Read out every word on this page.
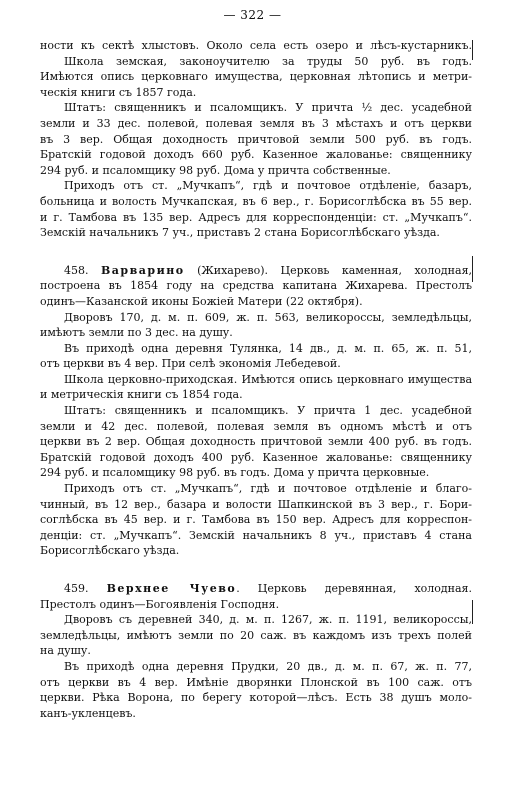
— 322 —
ности къ сектѣ хлыстовъ. Около села есть озеро и лѣсъ-кустарникъ.
Школа земская, законоучителю за труды 50 руб. въ годъ.
Имѣются опись церковнаго имущества, церковная лѣтопись и метри-
ческія книги съ 1857 года.
Штатъ: священникъ и псаломщикъ. У причта ½ дес. усадебной
земли и 33 дес. полевой, полевая земля въ 3 мѣстахъ и отъ церкви
въ 3 вер. Общая доходность причтовой земли 500 руб. въ годъ.
Братскій годовой доходъ 660 руб. Казенное жалованье: священнику
294 руб. и псаломщику 98 руб. Дома у причта собственные.
Приходъ отъ ст. „Мучкапъ“, гдѣ и почтовое отдѣленіе, базаръ,
больница и волость Мучкапская, въ 6 вер., г. Борисоглѣбска въ 55 вер.
и г. Тамбова въ 135 вер. Адресъ для корреспонденціи: ст. „Мучкапъ“.
Земскій начальникъ 7 уч., приставъ 2 стана Борисоглѣбскаго уѣзда.
458. Варварино (Жихарево). Церковь каменная, холодная,
построена въ 1854 году на средства капитана Жихарева. Престолъ
одинъ—Казанской иконы Божіей Матери (22 октября).
Дворовъ 170, д. м. п. 609, ж. п. 563, великороссы, земледѣльцы,
имѣютъ земли по 3 дес. на душу.
Въ приходѣ одна деревня Тулянка, 14 дв., д. м. п. 65, ж. п. 51,
отъ церкви въ 4 вер. При селѣ экономія Лебедевой.
Школа церковно-приходская. Имѣются опись церковнаго имущества
и метрическія книги съ 1854 года.
Штатъ: священникъ и псаломщикъ. У причта 1 дес. усадебной
земли и 42 дес. полевой, полевая земля въ одномъ мѣстѣ и отъ
церкви въ 2 вер. Общая доходность причтовой земли 400 руб. въ годъ.
Братскій годовой доходъ 400 руб. Казенное жалованье: священнику
294 руб. и псаломщику 98 руб. въ годъ. Дома у причта церковные.
Приходъ отъ ст. „Мучкапъ“, гдѣ и почтовое отдѣленіе и благо-
чинный, въ 12 вер., базара и волости Шапкинской въ 3 вер., г. Бори-
соглѣбска въ 45 вер. и г. Тамбова въ 150 вер. Адресъ для корреспон-
денціи: ст. „Мучкапъ“. Земскій начальникъ 8 уч., приставъ 4 стана
Борисоглѣбскаго уѣзда.
459. Верхнее Чуево. Церковь деревянная, холодная.
Престолъ одинъ—Богоявленія Господня.
Дворовъ съ деревней 340, д. м. п. 1267, ж. п. 1191, великороссы,
земледѣльцы, имѣютъ земли по 20 саж. въ каждомъ изъ трехъ полей
на душу.
Въ приходѣ одна деревня Прудки, 20 дв., д. м. п. 67, ж. п. 77,
отъ церкви въ 4 вер. Имѣніе дворянки Плонской въ 100 саж. отъ
церкви. Рѣка Ворона, по берегу которой—лѣсъ. Есть 38 душъ моло-
канъ-укленцевъ.
